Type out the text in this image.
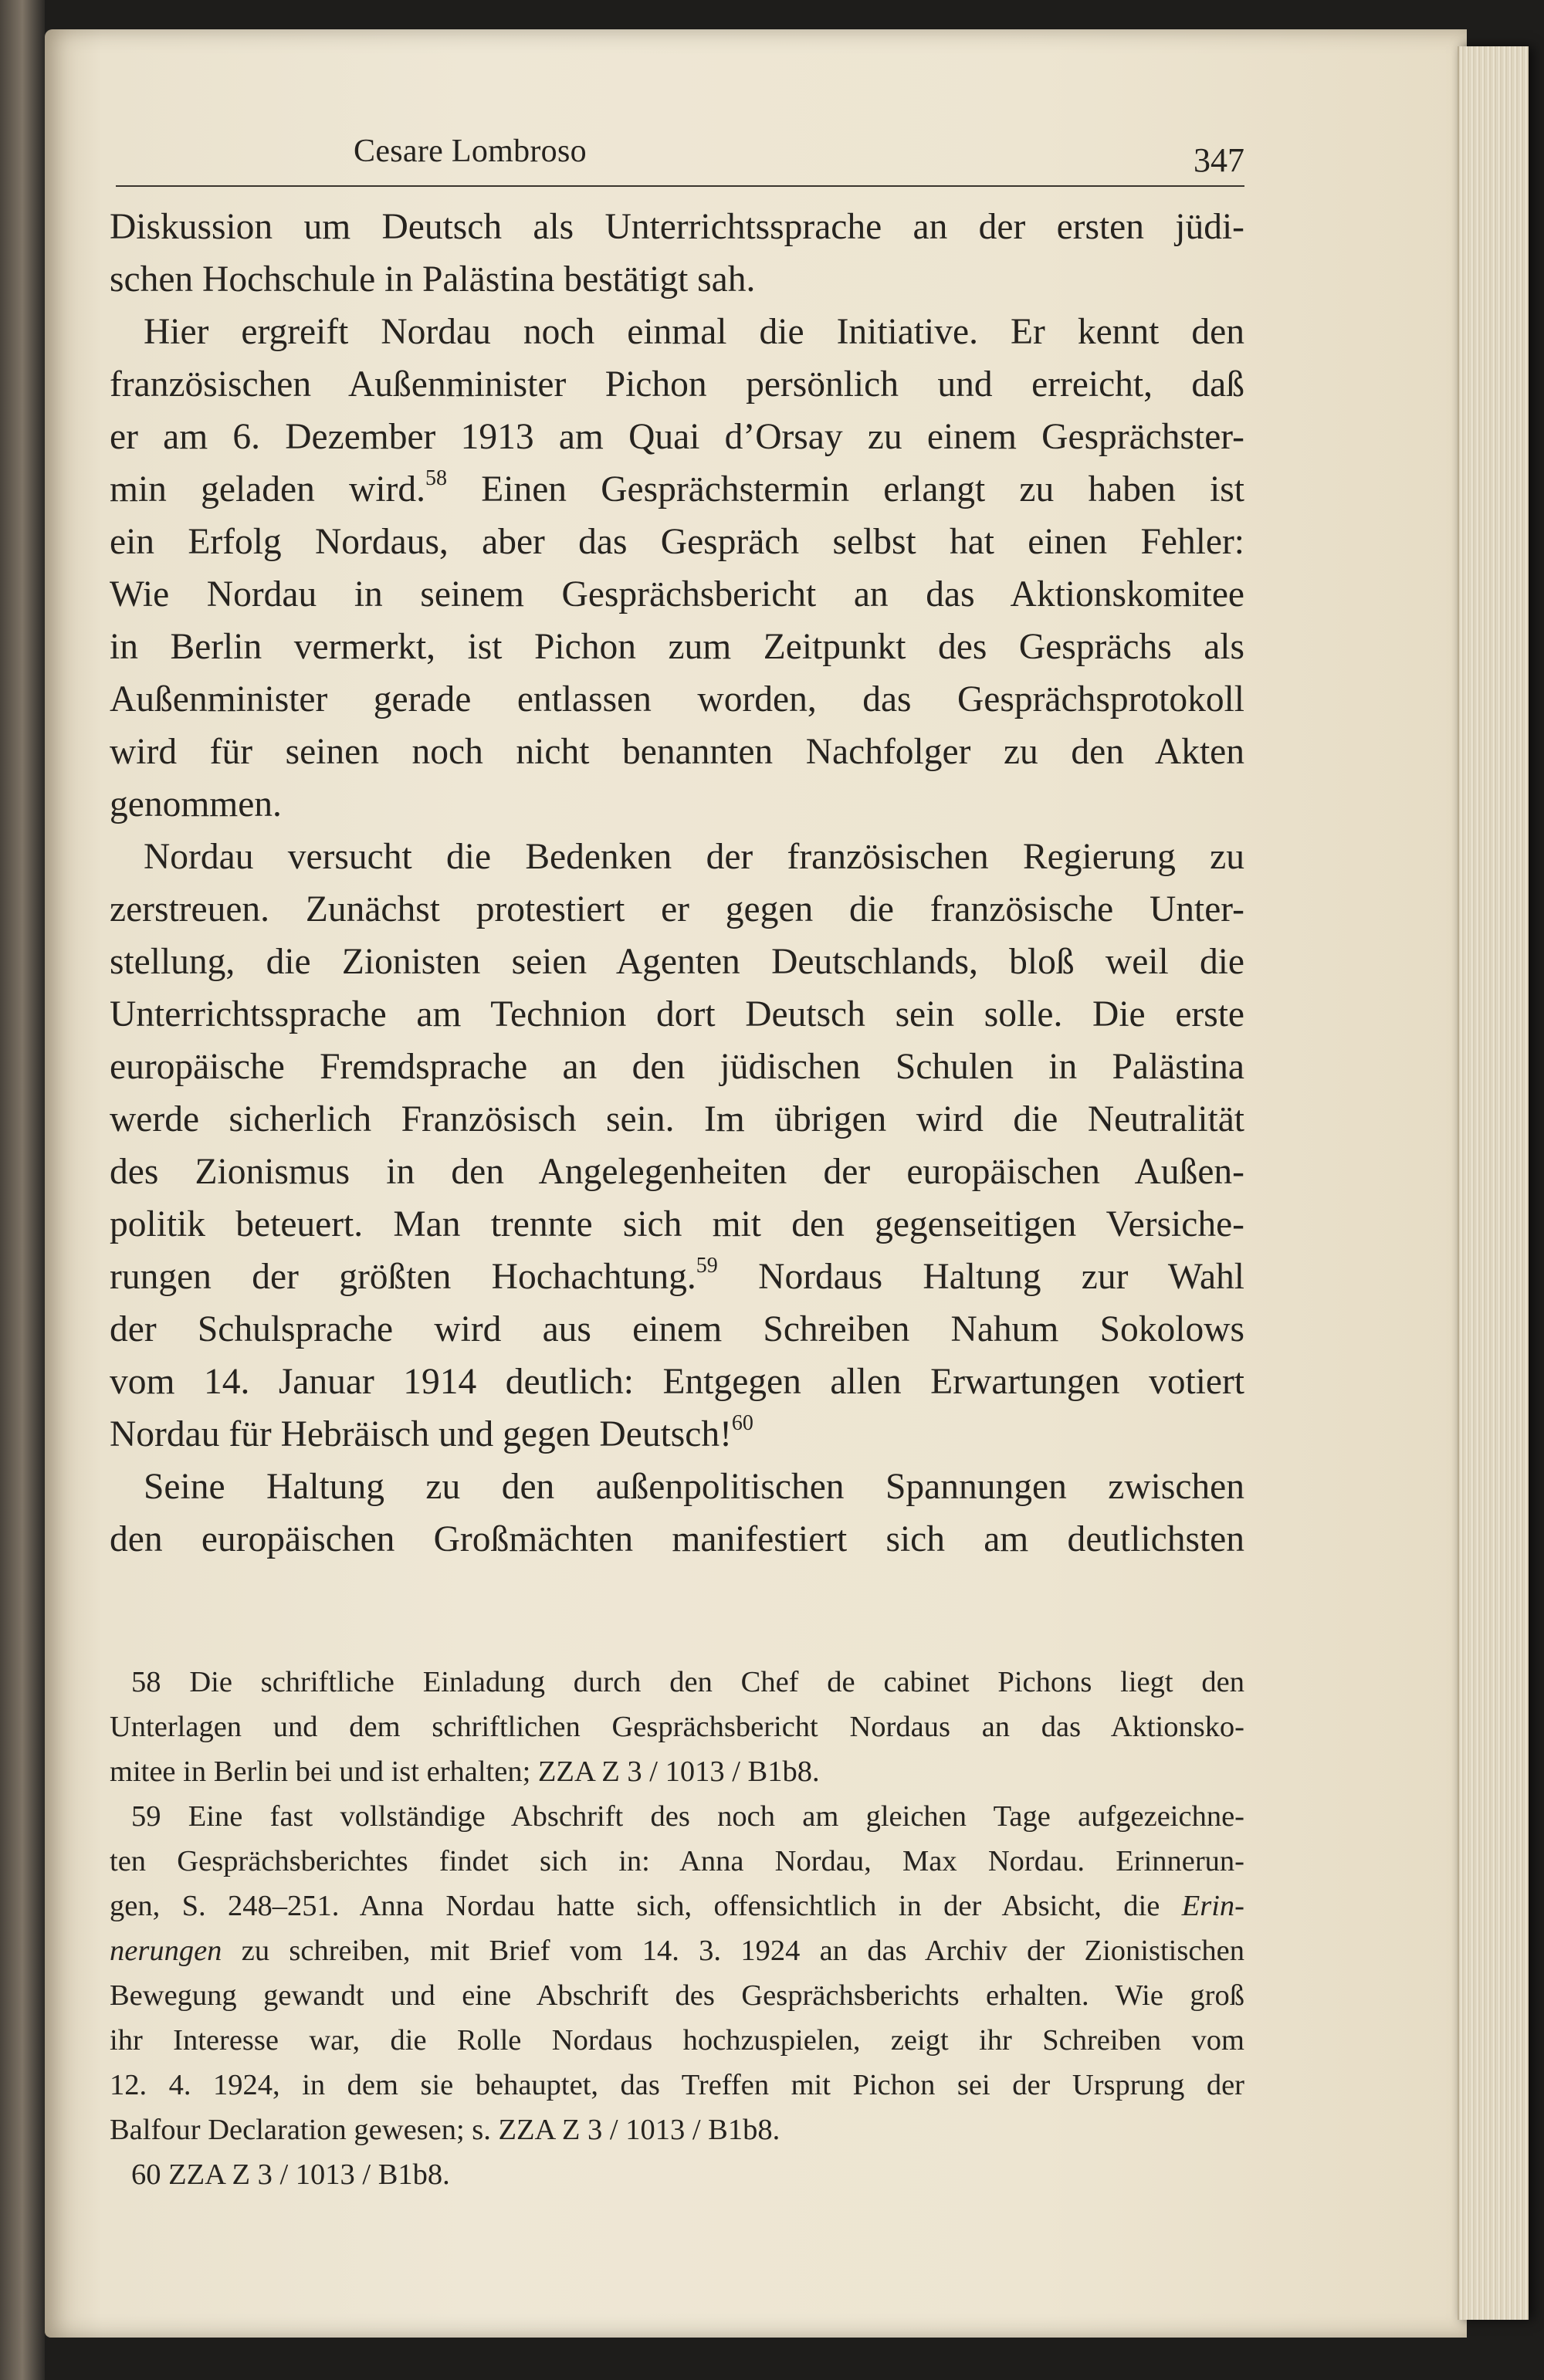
Cesare Lombroso	347
Diskussion um Deutsch als Unterrichtssprache an der ersten jüdi-
schen Hochschule in Palästina bestätigt sah.
Hier ergreift Nordau noch einmal die Initiative. Er kennt den
französischen Außenminister Pichon persönlich und erreicht, daß
er am 6. Dezember 1913 am Quai d’Orsay zu einem Gesprächster-
min geladen wird.$^{58}$ Einen Gesprächstermin erlangt zu haben ist
ein Erfolg Nordaus, aber das Gespräch selbst hat einen Fehler:
Wie Nordau in seinem Gesprächsbericht an das Aktionskomitee
in Berlin vermerkt, ist Pichon zum Zeitpunkt des Gesprächs als
Außenminister gerade entlassen worden, das Gesprächsprotokoll
wird für seinen noch nicht benannten Nachfolger zu den Akten
genommen.
Nordau versucht die Bedenken der französischen Regierung zu
zerstreuen. Zunächst protestiert er gegen die französische Unter-
stellung, die Zionisten seien Agenten Deutschlands, bloß weil die
Unterrichtssprache am Technion dort Deutsch sein solle. Die erste
europäische Fremdsprache an den jüdischen Schulen in Palästina
werde sicherlich Französisch sein. Im übrigen wird die Neutralität
des Zionismus in den Angelegenheiten der europäischen Außen-
politik beteuert. Man trennte sich mit den gegenseitigen Versiche-
rungen der größten Hochachtung.$^{59}$ Nordaus Haltung zur Wahl
der Schulsprache wird aus einem Schreiben Nahum Sokolows
vom 14. Januar 1914 deutlich: Entgegen allen Erwartungen votiert
Nordau für Hebräisch und gegen Deutsch!$^{60}$
Seine Haltung zu den außenpolitischen Spannungen zwischen
den europäischen Großmächten manifestiert sich am deutlichsten
58 Die schriftliche Einladung durch den Chef de cabinet Pichons liegt den
Unterlagen und dem schriftlichen Gesprächsbericht Nordaus an das Aktionsko-
mitee in Berlin bei und ist erhalten; ZZA Z 3 / 1013 / B1b8.
59 Eine fast vollständige Abschrift des noch am gleichen Tage aufgezeichne-
ten Gesprächsberichtes findet sich in: Anna Nordau, Max Nordau. Erinnerun-
gen, S. 248–251. Anna Nordau hatte sich, offensichtlich in der Absicht, die Erin-
nerungen zu schreiben, mit Brief vom 14. 3. 1924 an das Archiv der Zionistischen
Bewegung gewandt und eine Abschrift des Gesprächsberichts erhalten. Wie groß
ihr Interesse war, die Rolle Nordaus hochzuspielen, zeigt ihr Schreiben vom
12. 4. 1924, in dem sie behauptet, das Treffen mit Pichon sei der Ursprung der
Balfour Declaration gewesen; s. ZZA Z 3 / 1013 / B1b8.
60 ZZA Z 3 / 1013 / B1b8.
